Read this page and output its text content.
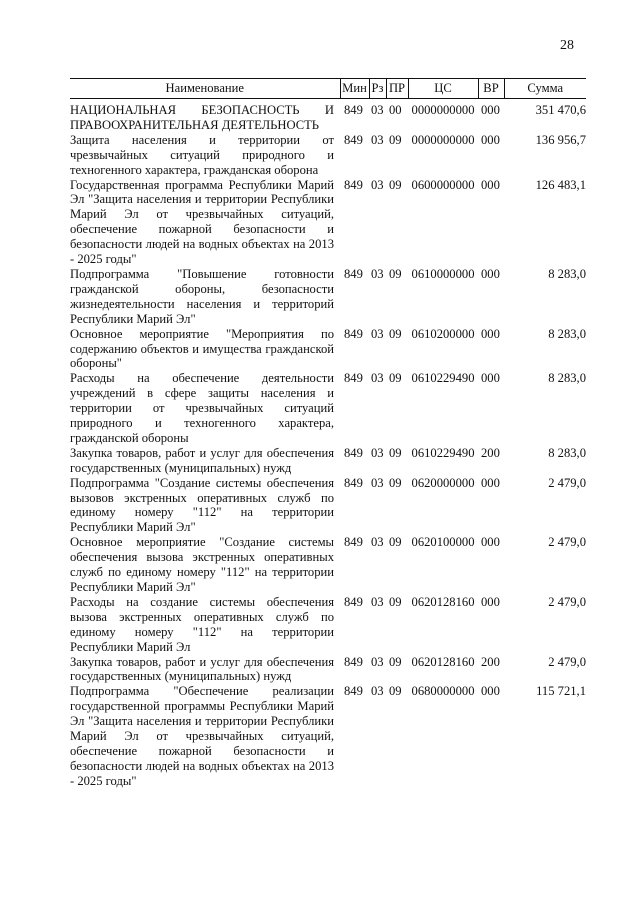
28
Наименование	Мин	Рз	ПР	ЦС	ВР	Сумма
НАЦИОНАЛЬНАЯ БЕЗОПАСНОСТЬ И ПРАВООХРАНИТЕЛЬНАЯ ДЕЯТЕЛЬНОСТЬ	849	03	00	0000000000	000	351 470,6
Защита населения и территории от чрезвычайных ситуаций природного и техногенного характера, гражданская оборона	849	03	09	0000000000	000	136 956,7
Государственная программа Республики Марий Эл "Защита населения и территории Республики Марий Эл от чрезвычайных ситуаций, обеспечение пожарной безопасности и безопасности людей на водных объектах на 2013 - 2025 годы"	849	03	09	0600000000	000	126 483,1
Подпрограмма "Повышение готовности гражданской обороны, безопасности жизнедеятельности населения и территорий Республики Марий Эл"	849	03	09	0610000000	000	8 283,0
Основное мероприятие "Мероприятия по содержанию объектов и имущества гражданской обороны"	849	03	09	0610200000	000	8 283,0
Расходы на обеспечение деятельности учреждений в сфере защиты населения и территории от чрезвычайных ситуаций природного и техногенного характера, гражданской обороны	849	03	09	0610229490	000	8 283,0
Закупка товаров, работ и услуг для обеспечения государственных (муниципальных) нужд	849	03	09	0610229490	200	8 283,0
Подпрограмма "Создание системы обеспечения вызовов экстренных оперативных служб по единому номеру "112" на территории Республики Марий Эл"	849	03	09	0620000000	000	2 479,0
Основное мероприятие "Создание системы обеспечения вызова экстренных оперативных служб по единому номеру "112" на территории Республики Марий Эл"	849	03	09	0620100000	000	2 479,0
Расходы на создание системы обеспечения вызова экстренных оперативных служб по единому номеру "112" на территории Республики Марий Эл	849	03	09	0620128160	000	2 479,0
Закупка товаров, работ и услуг для обеспечения государственных (муниципальных) нужд	849	03	09	0620128160	200	2 479,0
Подпрограмма "Обеспечение реализации государственной программы Республики Марий Эл "Защита населения и территории Республики Марий Эл от чрезвычайных ситуаций, обеспечение пожарной безопасности и безопасности людей на водных объектах на 2013 - 2025 годы"	849	03	09	0680000000	000	115 721,1
